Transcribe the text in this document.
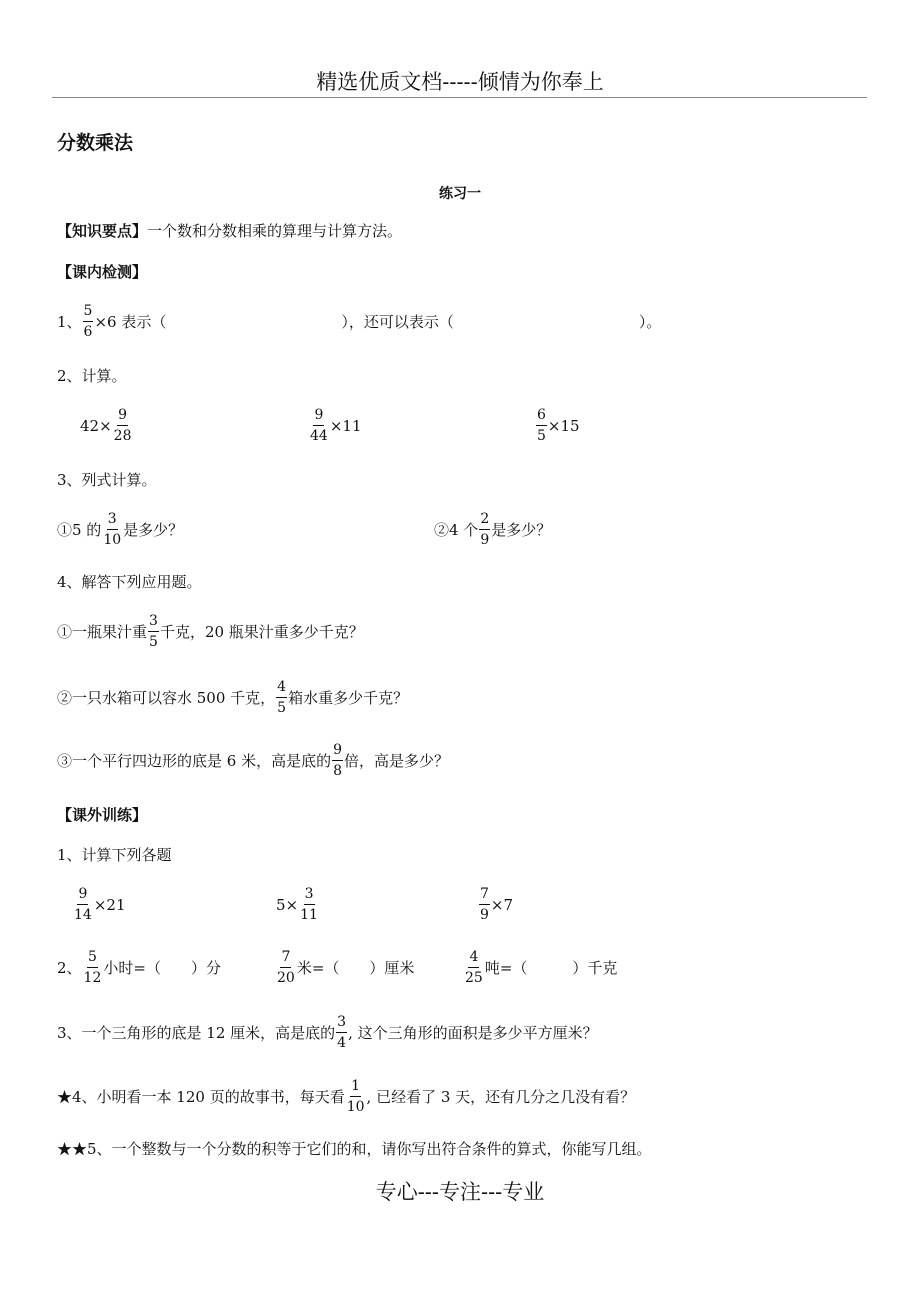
精选优质文档-----倾情为你奉上
分数乘法
练习一
【知识要点】一个数和分数相乘的算理与计算方法。
【课内检测】
1、 $\frac{5}{6} \times 6$ 表示（	），还可以表示（	）。
2、计算。
$42\times \frac{9}{28}$	$\frac{9}{44} \times 11$	$\frac{6}{5} \times 15$
3、列式计算。
①5 的 $\frac{3}{10}$ 是多少？	②4 个 $\frac{2}{9}$ 是多少？
4、解答下列应用题。
①一瓶果汁重 $\frac{3}{5}$ 千克，20 瓶果汁重多少千克？
②一只水箱可以容水 500 千克， $\frac{4}{5}$ 箱水重多少千克？
③一个平行四边形的底是 6 米，高是底的 $\frac{9}{8}$ 倍，高是多少？
【课外训练】
1、计算下列各题
$\frac{9}{14} \times 21$	$5\times \frac{3}{11}$	$\frac{7}{9} \times 7$
2、 $\frac{5}{12}$ 小时=（　　）分	$\frac{7}{20}$ 米=（　　）厘米	$\frac{4}{25}$ 吨=（　　　）千克
3、一个三角形的底是 12 厘米，高是底的 $\frac{3}{4}$ , 这个三角形的面积是多少平方厘米？
★4、小明看一本 120 页的故事书，每天看 $\frac{1}{10}$ , 已经看了 3 天，还有几分之几没有看？
★★5、一个整数与一个分数的积等于它们的和，请你写出符合条件的算式，你能写几组。
专心---专注---专业
